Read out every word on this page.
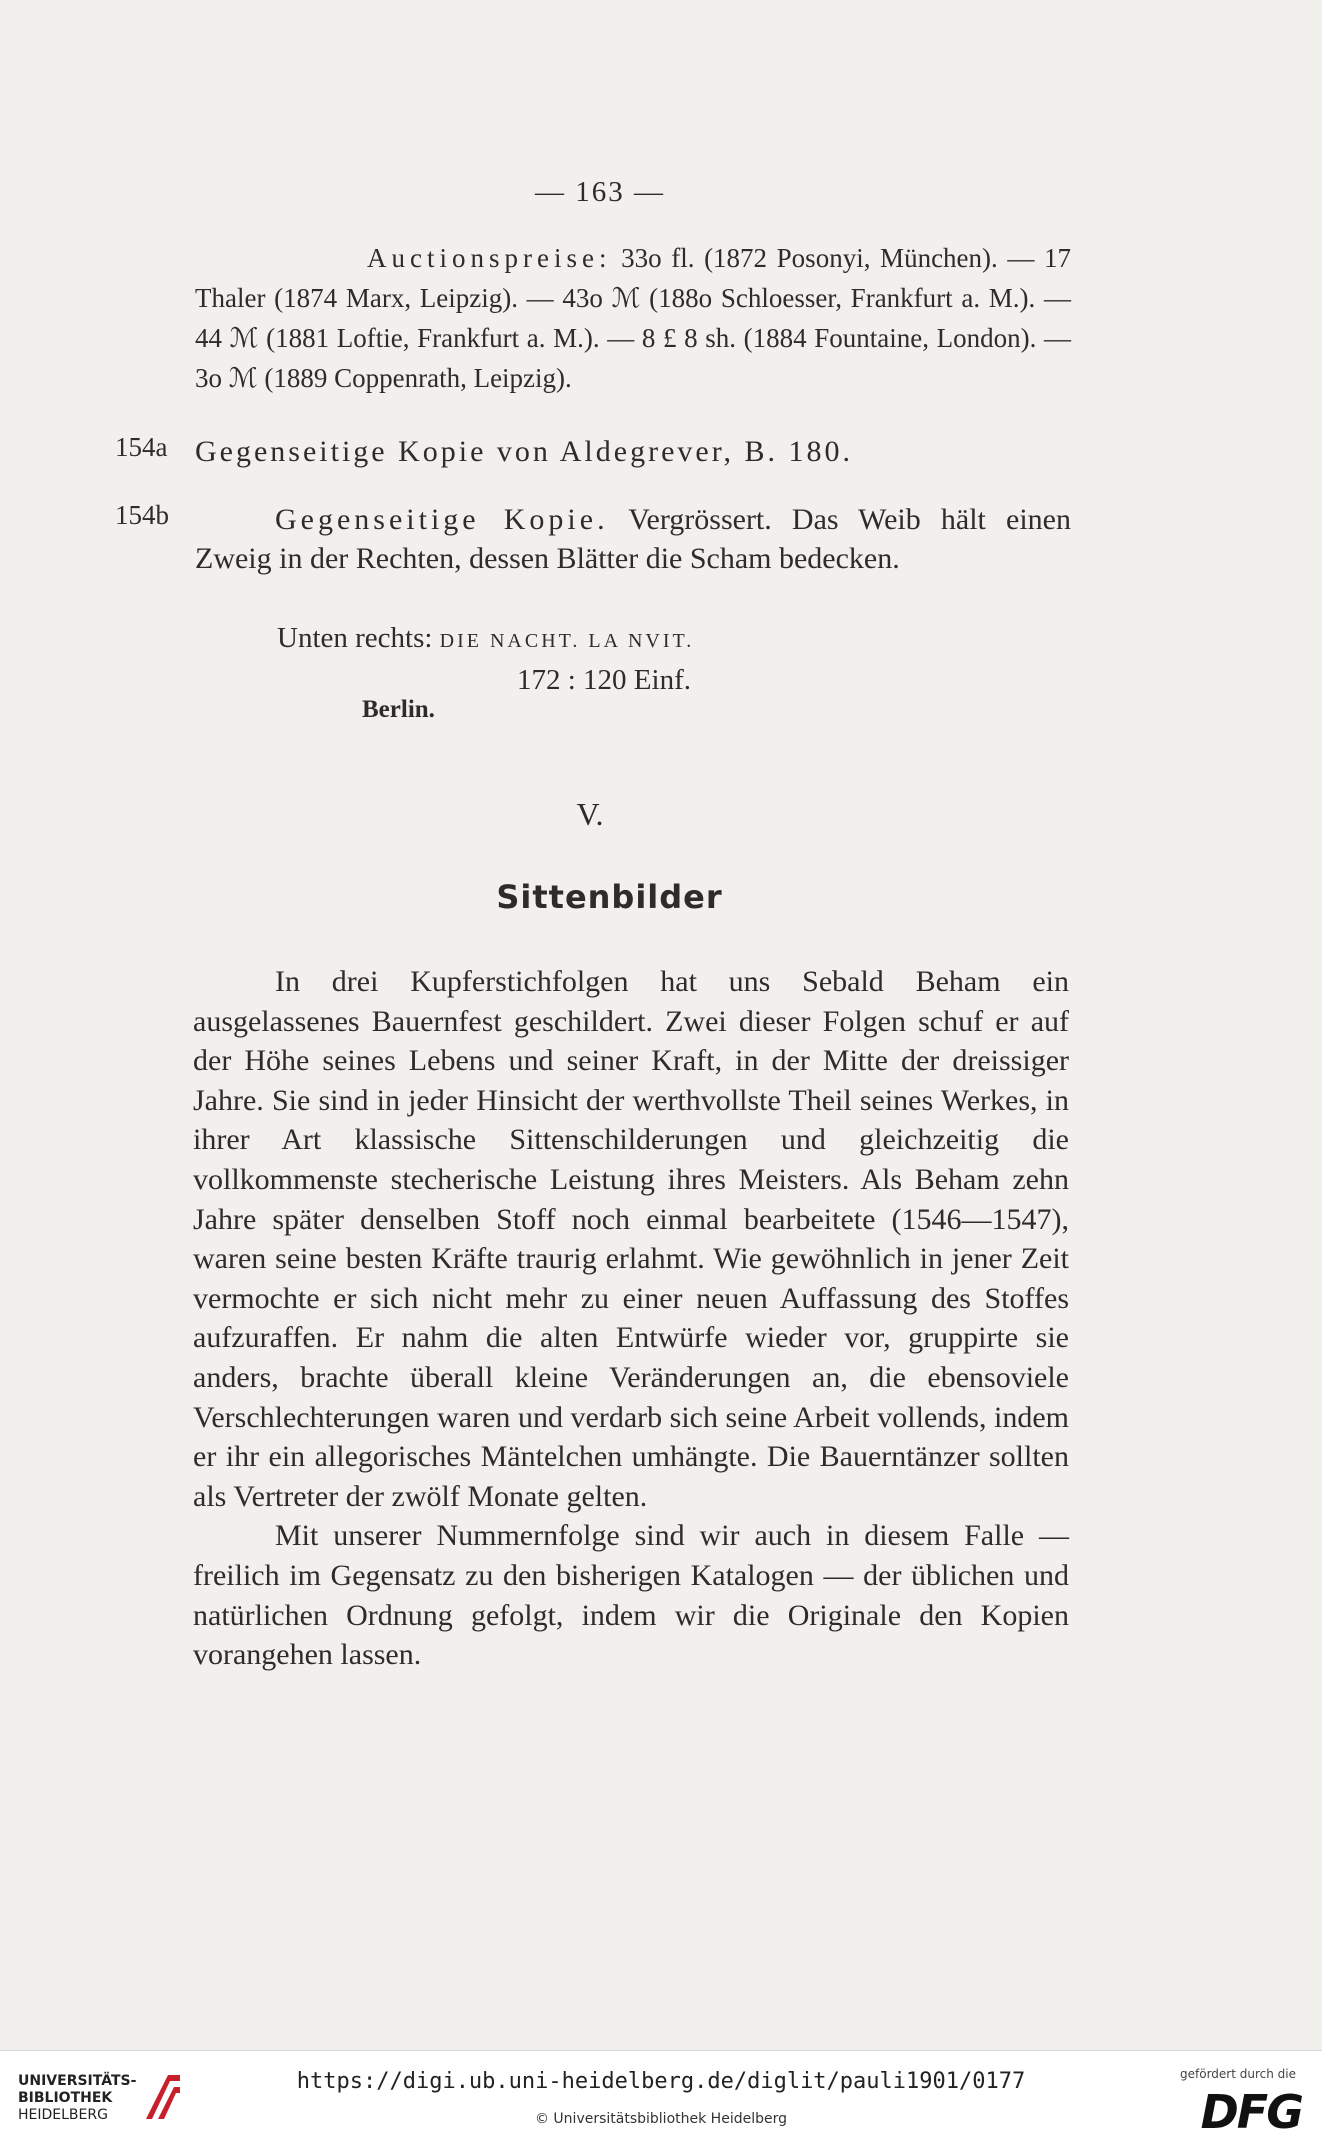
— 163 —

Auctionspreise: 33o fl. (1872 Posonyi, München). — 17 Thaler (1874 Marx, Leipzig). — 43o ℳ (188o Schloesser, Frankfurt a. M.). — 44 ℳ (1881 Loftie, Frankfurt a. M.). — 8 £ 8 sh. (1884 Fountaine, London). — 3o ℳ (1889 Coppenrath, Leipzig).

154a Gegenseitige Kopie von Aldegrever, B. 180.
154b	Gegenseitige Kopie. Vergrössert. Das Weib hält einen Zweig in der Rechten, dessen Blätter die Scham bedecken.

Unten rechts: DIE NACHT. LA NVIT.
172 : 120 Einf.
Berlin.
V.
Sittenbilder

In drei Kupferstichfolgen hat uns Sebald Beham ein ausgelassenes Bauernfest geschildert. Zwei dieser Folgen schuf er auf der Höhe seines Lebens und seiner Kraft, in der Mitte der dreissiger Jahre. Sie sind in jeder Hinsicht der werthvollste Theil seines Werkes, in ihrer Art klassische Sittenschilderungen und gleichzeitig die vollkommenste stecherische Leistung ihres Meisters. Als Beham zehn Jahre später denselben Stoff noch einmal bearbeitete (1546—1547), waren seine besten Kräfte traurig erlahmt. Wie gewöhnlich in jener Zeit vermochte er sich nicht mehr zu einer neuen Auffassung des Stoffes aufzuraffen. Er nahm die alten Entwürfe wieder vor, gruppirte sie anders, brachte überall kleine Veränderungen an, die ebensoviele Verschlechterungen waren und verdarb sich seine Arbeit vollends, indem er ihr ein allegorisches Mäntelchen umhängte. Die Bauerntänzer sollten als Vertreter der zwölf Monate gelten.

Mit unserer Nummernfolge sind wir auch in diesem Falle — freilich im Gegensatz zu den bisherigen Katalogen — der üblichen und natürlichen Ordnung gefolgt, indem wir die Originale den Kopien vorangehen lassen.

UNIVERSITÄTS-
BIBLIOTHEK
HEIDELBERG
https://digi.ub.uni-heidelberg.de/diglit/pauli1901/0177
© Universitätsbibliothek Heidelberg
gefördert durch die
DFG
